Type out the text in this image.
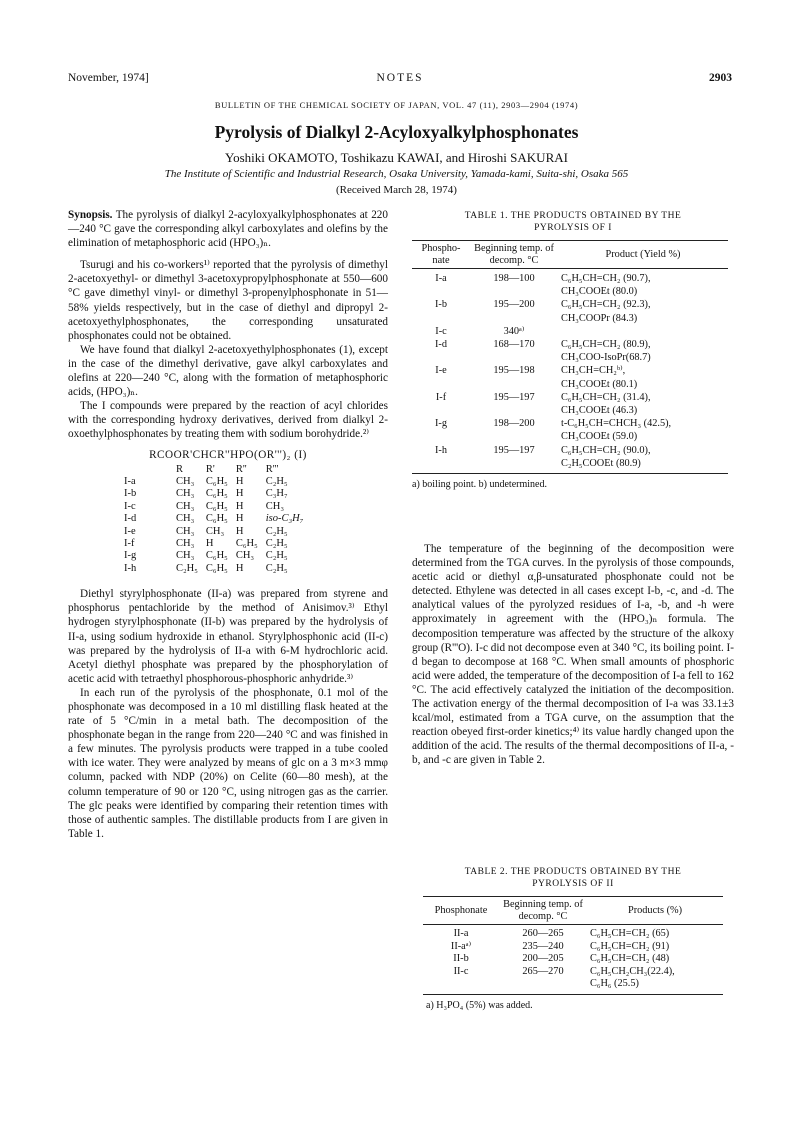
November, 1974]	NOTES	2903
BULLETIN OF THE CHEMICAL SOCIETY OF JAPAN, VOL. 47 (11), 2903—2904 (1974)
Pyrolysis of Dialkyl 2-Acyloxyalkylphosphonates
Yoshiki OKAMOTO, Toshikazu KAWAI, and Hiroshi SAKURAI
The Institute of Scientific and Industrial Research, Osaka University, Yamada-kami, Suita-shi, Osaka 565
(Received March 28, 1974)

Synopsis. The pyrolysis of dialkyl 2-acyloxyalkylphosphonates at 220—240 °C gave the corresponding alkyl carboxylates and olefins by the elimination of metaphosphoric acid (HPO₃)ₙ.

Tsurugi and his co-workers¹⁾ reported that the pyrolysis of dimethyl 2-acetoxyethyl- or dimethyl 3-acetoxypropylphosphonate at 550—600 °C gave dimethyl vinyl- or dimethyl 3-propenylphosphonate in 51—58% yields respectively, but in the case of diethyl and dipropyl 2-acetoxyethylphosphonates, the corresponding unsaturated phosphonates could not be obtained.

We have found that dialkyl 2-acetoxyethylphosphonates (1), except in the case of the dimethyl derivative, gave alkyl carboxylates and olefins at 220—240 °C, along with the formation of metaphosphoric acids, (HPO₃)ₙ.

The I compounds were prepared by the reaction of acyl chlorides with the corresponding hydroxy derivatives, derived from dialkyl 2-oxoethylphosphonates by treating them with sodium borohydride.²⁾

RCOOR'CHCR''HPO(OR''')₂ (I)
	R	R'	R''	R'''
I-a	CH₃	C₆H₅	H	C₂H₅
I-b	CH₃	C₆H₅	H	C₃H₇
I-c	CH₃	C₆H₅	H	CH₃
I-d	CH₃	C₆H₅	H	iso-C₃H₇
I-e	CH₃	CH₃	H	C₂H₅
I-f	CH₃	H	C₆H₅	C₂H₅
I-g	CH₃	C₆H₅	CH₃	C₂H₅
I-h	C₂H₅	C₆H₅	H	C₂H₅

Diethyl styrylphosphonate (II-a) was prepared from styrene and phosphorus pentachloride by the method of Anisimov.³⁾ Ethyl hydrogen styrylphosphonate (II-b) was prepared by the hydrolysis of II-a, using sodium hydroxide in ethanol. Styrylphosphonic acid (II-c) was prepared by the hydrolysis of II-a with 6-M hydrochloric acid. Acetyl diethyl phosphate was prepared by the phosphorylation of acetic acid with tetraethyl phosphorous-phosphoric anhydride.³⁾

In each run of the pyrolysis of the phosphonate, 0.1 mol of the phosphonate was decomposed in a 10 ml distilling flask heated at the rate of 5 °C/min in a metal bath. The decomposition of the phosphonate began in the range from 220—240 °C and was finished in a few minutes. The pyrolysis products were trapped in a tube cooled with ice water. They were analyzed by means of glc on a 3 m×3 mmφ column, packed with NDP (20%) on Celite (60—80 mesh), at the column temperature of 90 or 120 °C, using nitrogen gas as the carrier. The glc peaks were identified by comparing their retention times with those of authentic samples. The distillable products from I are given in Table 1.

TABLE 1. THE PRODUCTS OBTAINED BY THE
PYROLYSIS OF I
Phospho-nate	Beginning temp. of decomp. °C	Product (Yield %)
I-a	198—100	C₆H₅CH=CH₂ (90.7),
CH₃COOEt (80.0)

I-b	195—200	C₆H₅CH=CH₂ (92.3),
CH₃COOPr (84.3)

I-c	340ᵃ⁾	
I-d	168—170	C₆H₅CH=CH₂ (80.9),
CH₃COO-IsoPr(68.7)

I-e	195—198	CH₃CH=CH₂ᵇ⁾,
CH₃COOEt (80.1)

I-f	195—197	C₆H₅CH=CH₂ (31.4),
CH₃COOEt (46.3)

I-g	198—200	t-C₆H₅CH=CHCH₃ (42.5),
CH₃COOEt (59.0)

I-h	195—197	C₆H₅CH=CH₂ (90.0),
C₂H₅COOEt (80.9)
a) boiling point. b) undetermined.

The temperature of the beginning of the decomposition were determined from the TGA curves. In the pyrolysis of those compounds, acetic acid or diethyl α,β-unsaturated phosphonate could not be detected. Ethylene was detected in all cases except I-b, -c, and -d. The analytical values of the pyrolyzed residues of I-a, -b, and -h were approximately in agreement with the (HPO₃)ₙ formula. The decomposition temperature was affected by the structure of the alkoxy group (R'''O). I-c did not decompose even at 340 °C, its boiling point. I-d began to decompose at 168 °C. When small amounts of phosphoric acid were added, the temperature of the decomposition of I-a fell to 162 °C. The acid effectively catalyzed the initiation of the decomposition. The activation energy of the thermal decomposition of I-a was 33.1±3 kcal/mol, estimated from a TGA curve, on the assumption that the reaction obeyed first-order kinetics;⁴⁾ its value hardly changed upon the addition of the acid. The results of the thermal decompositions of II-a, -b, and -c are given in Table 2.

TABLE 2. THE PRODUCTS OBTAINED BY THE
PYROLYSIS OF II
Phosphonate	Beginning temp. of decomp. °C	Products (%)
II-a	260—265	C₆H₅CH=CH₂ (65)
II-aᵃ⁾	235—240	C₆H₅CH=CH₂ (91)
II-b	200—205	C₆H₅CH=CH₂ (48)
II-c	265—270	C₆H₅CH₂CH₃(22.4),
C₆H₆ (25.5)
a) H₃PO₄ (5%) was added.
